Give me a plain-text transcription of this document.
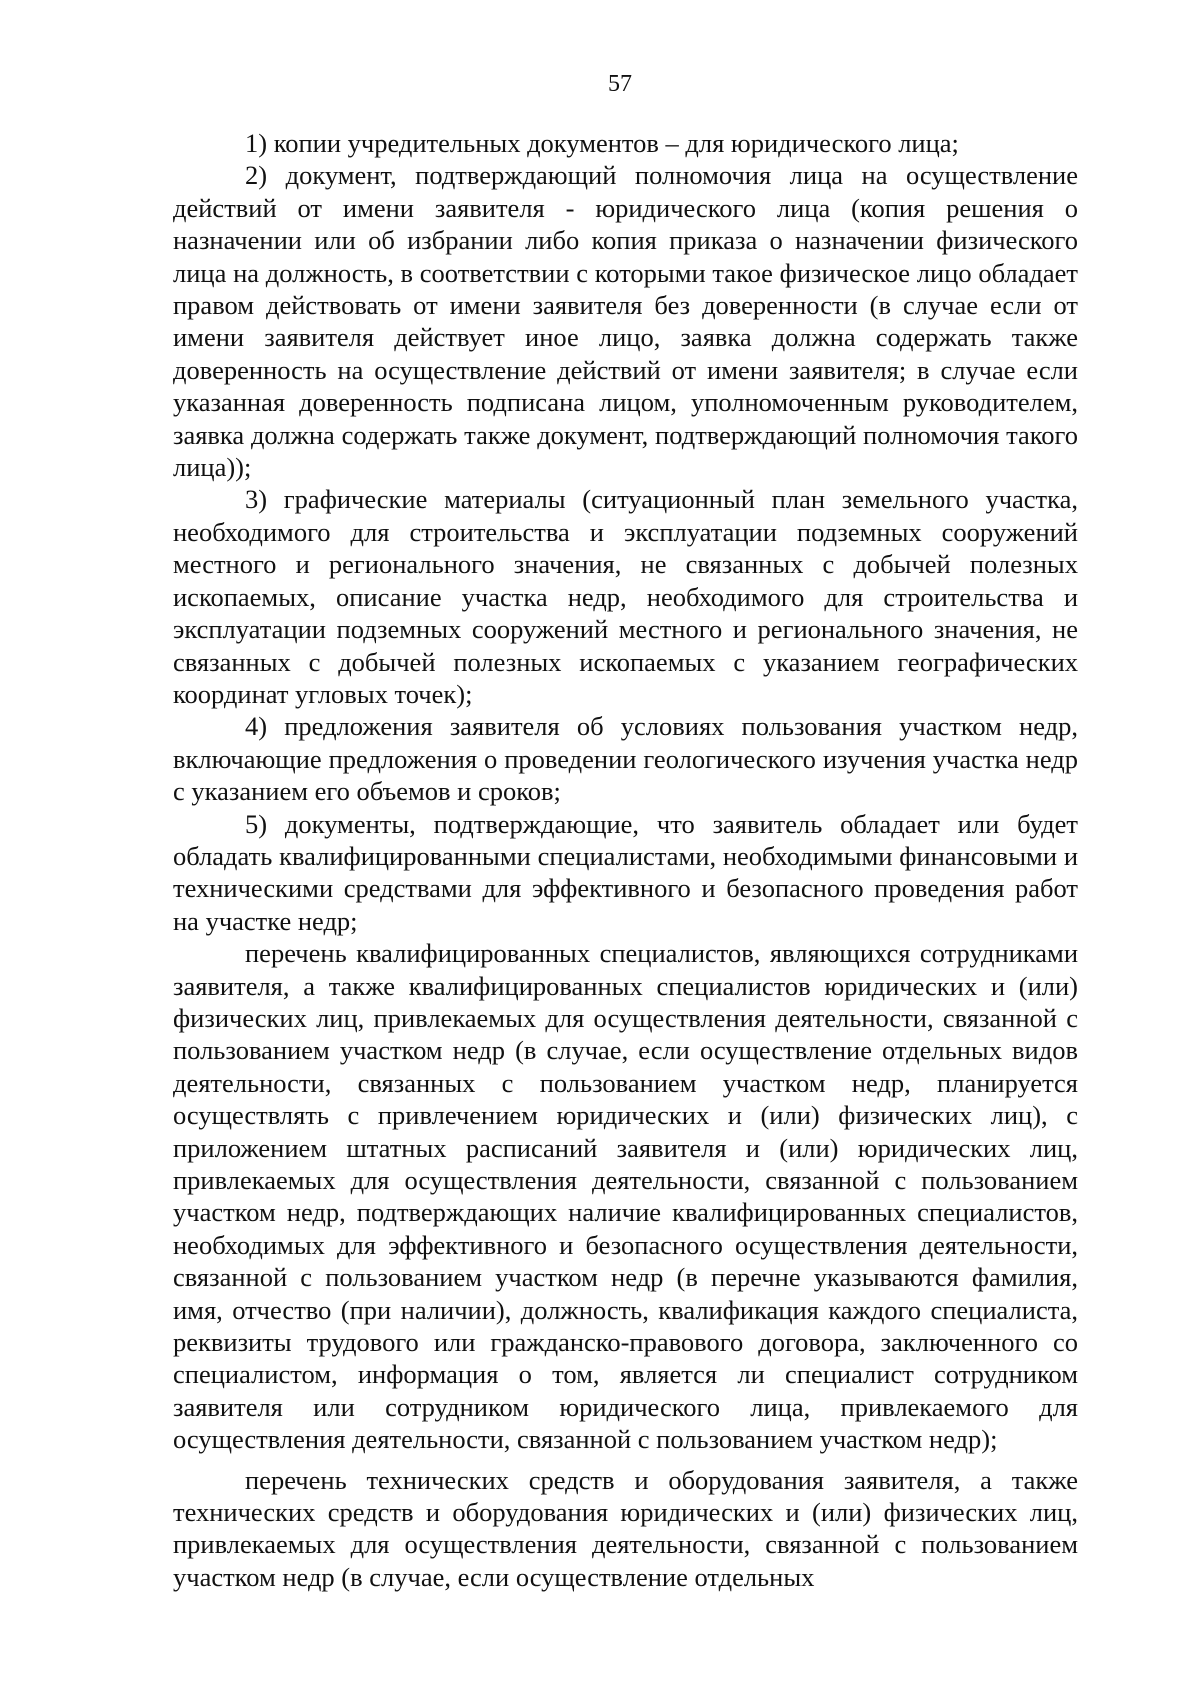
57

1) копии учредительных документов – для юридического лица;

2) документ, подтверждающий полномочия лица на осуществление действий от имени заявителя - юридического лица (копия решения о назначении или об избрании либо копия приказа о назначении физического лица на должность, в соответствии с которыми такое физическое лицо обладает правом действовать от имени заявителя без доверенности (в случае если от имени заявителя действует иное лицо, заявка должна содержать также доверенность на осуществление действий от имени заявителя; в случае если указанная доверенность подписана лицом, уполномоченным руководителем, заявка должна содержать также документ, подтверждающий полномочия такого лица));

3) графические материалы (ситуационный план земельного участка, необходимого для строительства и эксплуатации подземных сооружений местного и регионального значения, не связанных с добычей полезных ископаемых, описание участка недр, необходимого для строительства и эксплуатации подземных сооружений местного и регионального значения, не связанных с добычей полезных ископаемых с указанием географических координат угловых точек);

4) предложения заявителя об условиях пользования участком недр, включающие предложения о проведении геологического изучения участка недр с указанием его объемов и сроков;

5) документы, подтверждающие, что заявитель обладает или будет обладать квалифицированными специалистами, необходимыми финансовыми и техническими средствами для эффективного и безопасного проведения работ на участке недр;

перечень квалифицированных специалистов, являющихся сотрудниками заявителя, а также квалифицированных специалистов юридических и (или) физических лиц, привлекаемых для осуществления деятельности, связанной с пользованием участком недр (в случае, если осуществление отдельных видов деятельности, связанных с пользованием участком недр, планируется осуществлять с привлечением юридических и (или) физических лиц), с приложением штатных расписаний заявителя и (или) юридических лиц, привлекаемых для осуществления деятельности, связанной с пользованием участком недр, подтверждающих наличие квалифицированных специалистов, необходимых для эффективного и безопасного осуществления деятельности, связанной с пользованием участком недр (в перечне указываются фамилия, имя, отчество (при наличии), должность, квалификация каждого специалиста, реквизиты трудового или гражданско-правового договора, заключенного со специалистом, информация о том, является ли специалист сотрудником заявителя или сотрудником юридического лица, привлекаемого для осуществления деятельности, связанной с пользованием участком недр);

перечень технических средств и оборудования заявителя, а также технических средств и оборудования юридических и (или) физических лиц, привлекаемых для осуществления деятельности, связанной с пользованием участком недр (в случае, если осуществление отдельных
